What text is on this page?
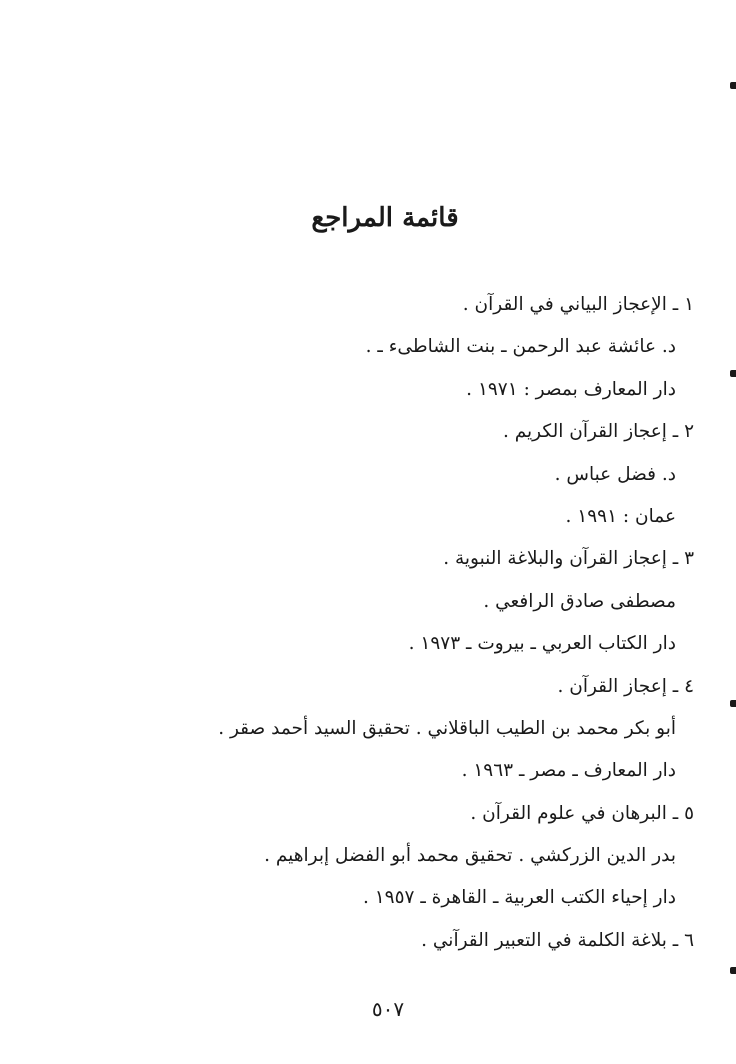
قائمة المراجع
١ ـ الإعجاز البياني في القرآن .
د. عائشة عبد الرحمن ـ بنت الشاطىء ـ .
دار المعارف بمصر : ١٩٧١ .
٢ ـ إعجاز القرآن الكريم .
د. فضل عباس .
عمان : ١٩٩١ .
٣ ـ إعجاز القرآن والبلاغة النبوية .
مصطفى صادق الرافعي .
دار الكتاب العربي ـ بيروت ـ ١٩٧٣ .
٤ ـ إعجاز القرآن .
أبو بكر محمد بن الطيب الباقلاني . تحقيق السيد أحمد صقر .
دار المعارف ـ مصر ـ ١٩٦٣ .
٥ ـ البرهان في علوم القرآن .
بدر الدين الزركشي . تحقيق محمد أبو الفضل إبراهيم .
دار إحياء الكتب العربية ـ القاهرة ـ ١٩٥٧ .
٦ ـ بلاغة الكلمة في التعبير القرآني .
٥٠٧
